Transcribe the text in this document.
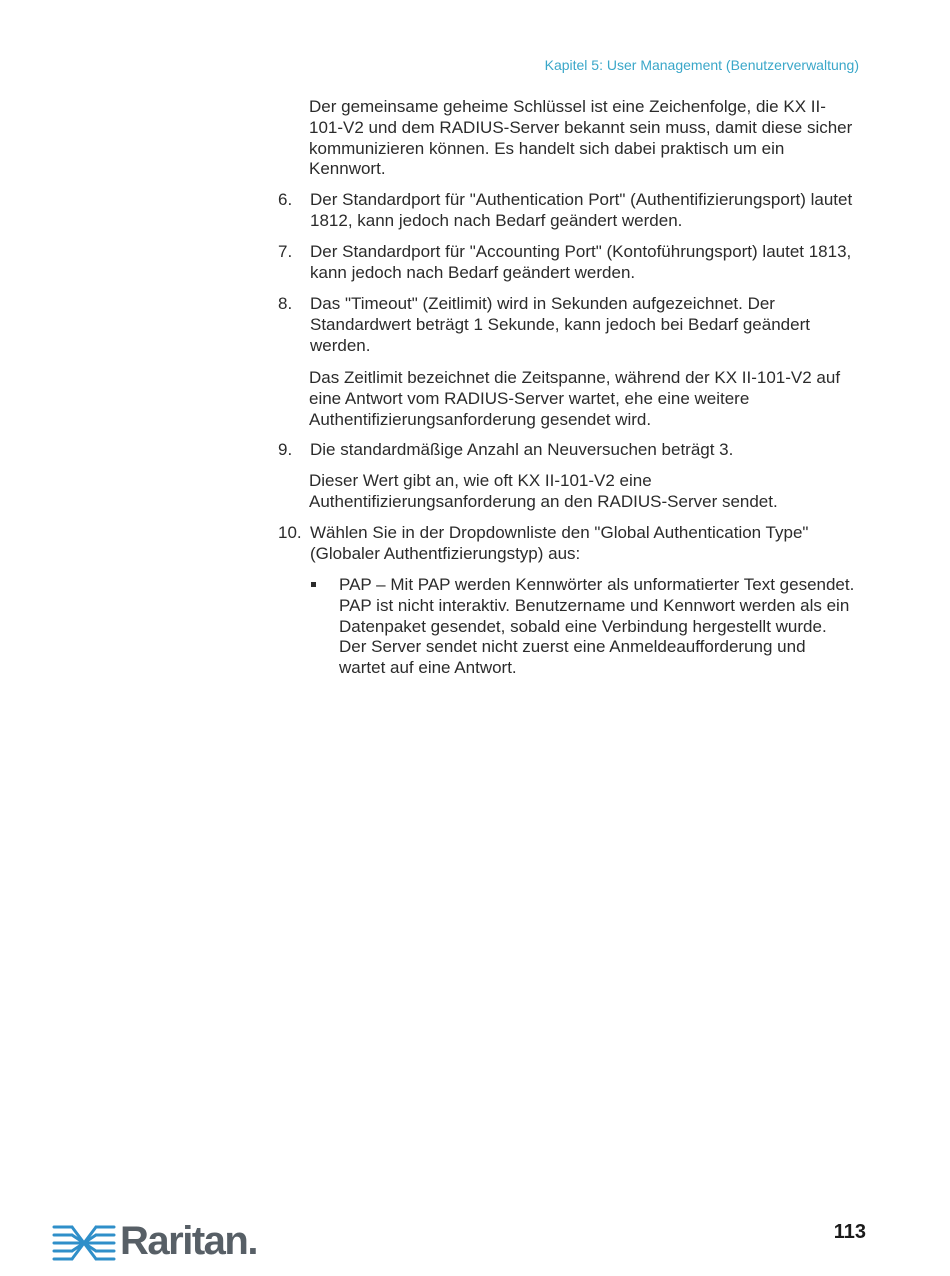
Kapitel 5: User Management (Benutzerverwaltung)

Der gemeinsame geheime Schlüssel ist eine Zeichenfolge, die KX II-101-V2 und dem RADIUS-Server bekannt sein muss, damit diese sicher kommunizieren können. Es handelt sich dabei praktisch um ein Kennwort.

6. Der Standardport für "Authentication Port" (Authentifizierungsport) lautet 1812, kann jedoch nach Bedarf geändert werden.
7. Der Standardport für "Accounting Port" (Kontoführungsport) lautet 1813, kann jedoch nach Bedarf geändert werden.
8. Das "Timeout" (Zeitlimit) wird in Sekunden aufgezeichnet. Der Standardwert beträgt 1 Sekunde, kann jedoch bei Bedarf geändert werden.

Das Zeitlimit bezeichnet die Zeitspanne, während der KX II-101-V2 auf eine Antwort vom RADIUS-Server wartet, ehe eine weitere Authentifizierungsanforderung gesendet wird.

9. Die standardmäßige Anzahl an Neuversuchen beträgt 3.

Dieser Wert gibt an, wie oft KX II-101-V2 eine Authentifizierungsanforderung an den RADIUS-Server sendet.

10. Wählen Sie in der Dropdownliste den "Global Authentication Type" (Globaler Authentfizierungstyp) aus:
PAP – Mit PAP werden Kennwörter als unformatierter Text gesendet. PAP ist nicht interaktiv. Benutzername und Kennwort werden als ein Datenpaket gesendet, sobald eine Verbindung hergestellt wurde. Der Server sendet nicht zuerst eine Anmeldeaufforderung und wartet auf eine Antwort.
Raritan.	113
